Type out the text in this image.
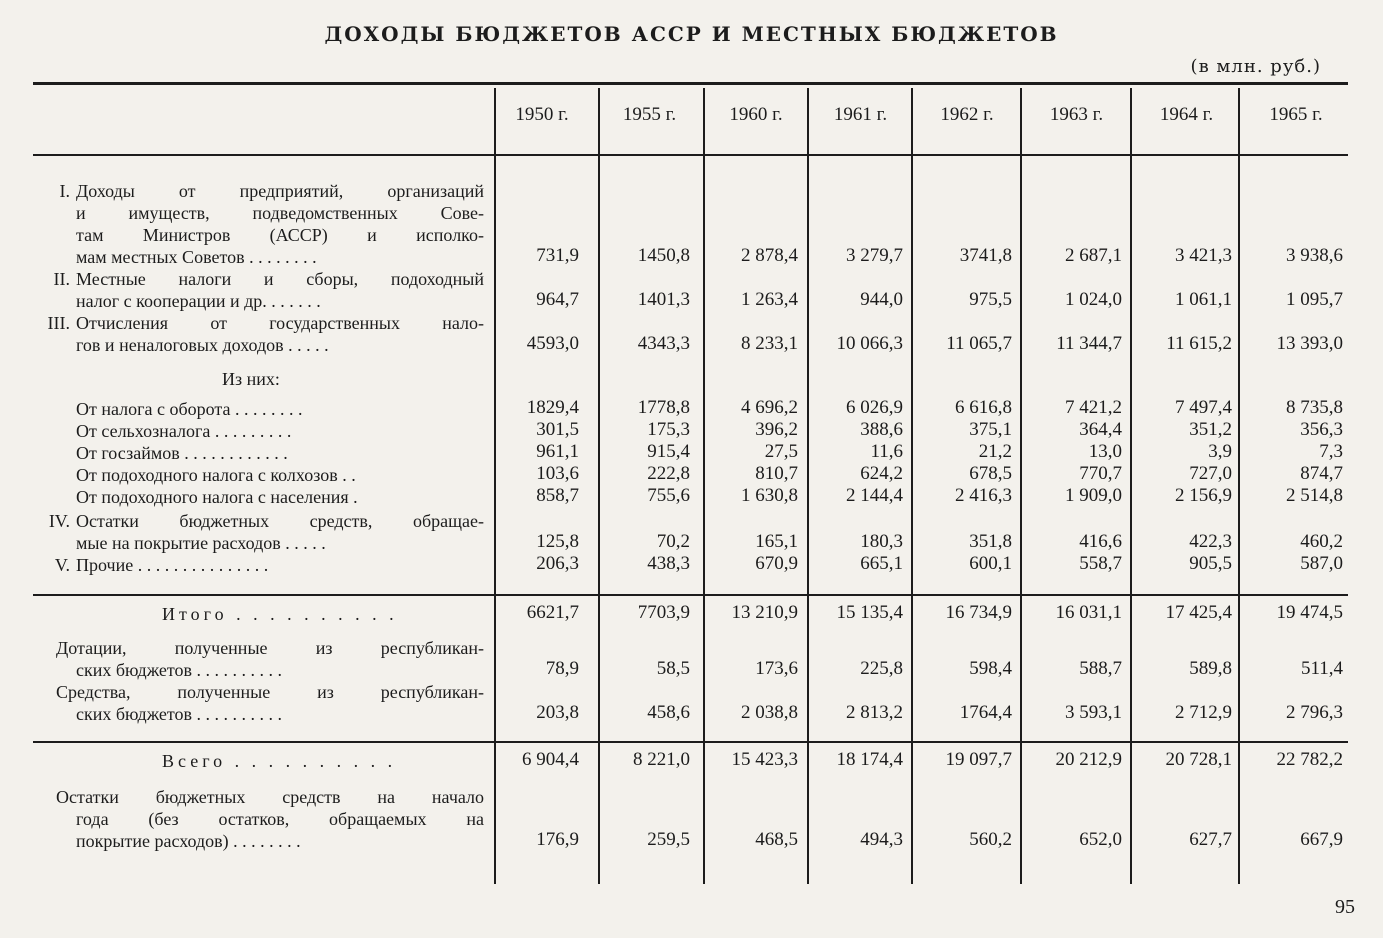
ДОХОДЫ БЮДЖЕТОВ АССР И МЕСТНЫХ БЮДЖЕТОВ
(в млн. руб.)
1950 г.	1955 г.	1960 г.	1961 г.	1962 г.	1963 г.	1964 г.	1965 г.
I. Доходы от предприятий, организаций
и имуществ, подведомственных Сове-
там Министров (АССР) и исполко-
мам местных Советов . . . . . . . .	731,9	1450,8	2 878,4	3 279,7	3741,8	2 687,1	3 421,3	3 938,6
II. Местные налоги и сборы, подоходный
налог с кооперации и др. . . . . . .	964,7	1401,3	1 263,4	944,0	975,5	1 024,0	1 061,1	1 095,7
III. Отчисления от государственных нало-
гов и неналоговых доходов . . . . .	4593,0	4343,3	8 233,1	10 066,3	11 065,7	11 344,7	11 615,2	13 393,0
Из них:
От налога с оборота . . . . . . . .	1829,4	1778,8	4 696,2	6 026,9	6 616,8	7 421,2	7 497,4	8 735,8
От сельхозналога . . . . . . . . .	301,5	175,3	396,2	388,6	375,1	364,4	351,2	356,3
От госзаймов . . . . . . . . . . . .	961,1	915,4	27,5	11,6	21,2	13,0	3,9	7,3
От подоходного налога с колхозов . .	103,6	222,8	810,7	624,2	678,5	770,7	727,0	874,7
От подоходного налога с населения .	858,7	755,6	1 630,8	2 144,4	2 416,3	1 909,0	2 156,9	2 514,8
IV. Остатки бюджетных средств, обращае-
мые на покрытие расходов . . . . .	125,8	70,2	165,1	180,3	351,8	416,6	422,3	460,2
V. Прочие . . . . . . . . . . . . . . .	206,3	438,3	670,9	665,1	600,1	558,7	905,5	587,0
Итого . . . . . . . . . .	6621,7	7703,9	13 210,9	15 135,4	16 734,9	16 031,1	17 425,4	19 474,5
Дотации, полученные из республикан-
ских бюджетов . . . . . . . . . .	78,9	58,5	173,6	225,8	598,4	588,7	589,8	511,4
Средства, полученные из республикан-
ских бюджетов . . . . . . . . . .	203,8	458,6	2 038,8	2 813,2	1764,4	3 593,1	2 712,9	2 796,3
Всего . . . . . . . . . .	6 904,4	8 221,0	15 423,3	18 174,4	19 097,7	20 212,9	20 728,1	22 782,2
Остатки бюджетных средств на начало
года (без остатков, обращаемых на
покрытие расходов) . . . . . . . .	176,9	259,5	468,5	494,3	560,2	652,0	627,7	667,9
95
